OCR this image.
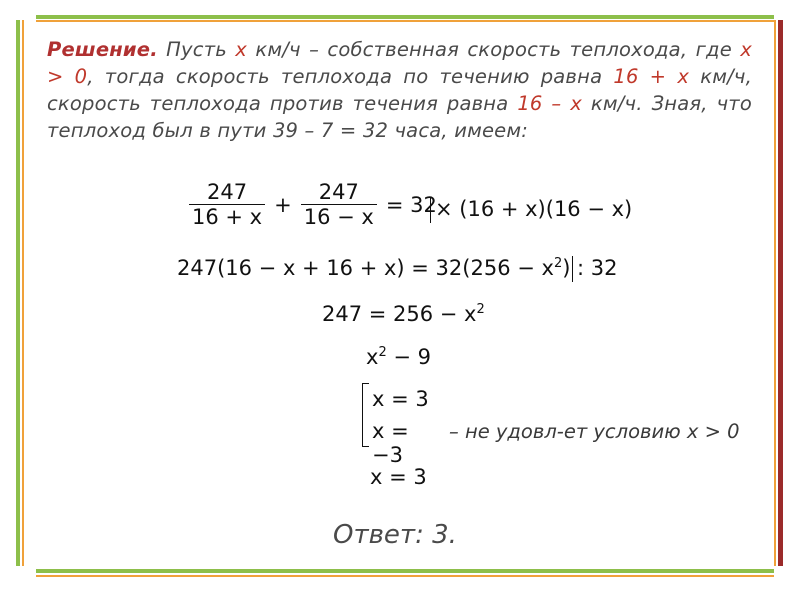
Решение. Пусть х км/ч – собственная скорость теплохода, где х > 0, тогда скорость теплохода по течению равна 16 + х км/ч, скорость теплохода против течения равна 16 – х км/ч. Зная, что теплоход был в пути 39 – 7 = 32 часа, имеем:
$\frac{247}{16 + x} + \frac{247}{16 - x} = 32$
× (16 + x)(16 − x)
$247(16 - x + 16 + x) = 32(256 - x^2)$ : 32
$247 = 256 - x^2$
$x^2 - 9$
x = 3
x = −3
– не удовл-ет условию х > 0
x = 3
Ответ: 3.
